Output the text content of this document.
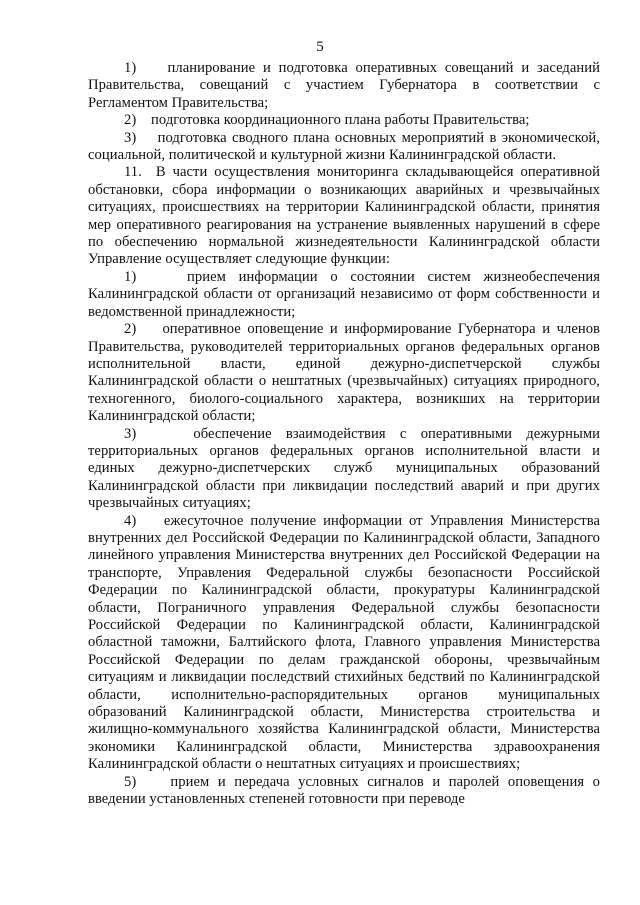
5

1)    планирование и подготовка оперативных совещаний и заседаний Правительства, совещаний с участием Губернатора в соответствии с Регламентом Правительства;

2)    подготовка координационного плана работы Правительства;

3)    подготовка сводного плана основных мероприятий в экономической, социальной, политической и культурной жизни Калининградской области.

11.  В части осуществления мониторинга складывающейся оперативной обстановки, сбора информации о возникающих аварийных и чрезвычайных ситуациях, происшествиях на территории Калининградской области, принятия мер оперативного реагирования на устранение выявленных нарушений в сфере по обеспечению нормальной жизнедеятельности Калининградской области Управление осуществляет следующие функции:

1)    прием информации о состоянии систем жизнеобеспечения Калининградской области от организаций независимо от форм собственности и ведомственной принадлежности;

2)    оперативное оповещение и информирование Губернатора и членов Правительства, руководителей территориальных органов федеральных органов исполнительной власти, единой дежурно-диспетчерской службы Калининградской области о нештатных (чрезвычайных) ситуациях природного, техногенного, биолого-социального характера, возникших на территории Калининградской области;

3)    обеспечение взаимодействия с оперативными дежурными территориальных органов федеральных органов исполнительной власти и единых дежурно-диспетчерских служб муниципальных образований Калининградской области при ликвидации последствий аварий и при других чрезвычайных ситуациях;

4)    ежесуточное получение информации от Управления Министерства внутренних дел Российской Федерации по Калининградской области, Западного линейного управления Министерства внутренних дел Российской Федерации на транспорте, Управления Федеральной службы безопасности Российской Федерации по Калининградской области, прокуратуры Калининградской области, Пограничного управления Федеральной службы безопасности Российской Федерации по Калининградской области, Калининградской областной таможни, Балтийского флота, Главного управления Министерства Российской Федерации по делам гражданской обороны, чрезвычайным ситуациям и ликвидации последствий стихийных бедствий по Калининградской области, исполнительно-распорядительных органов муниципальных образований Калининградской области, Министерства строительства и жилищно-коммунального хозяйства Калининградской области, Министерства экономики Калининградской области, Министерства здравоохранения Калининградской области о нештатных ситуациях и происшествиях;

5)    прием и передача условных сигналов и паролей оповещения о введении установленных степеней готовности при переводе
